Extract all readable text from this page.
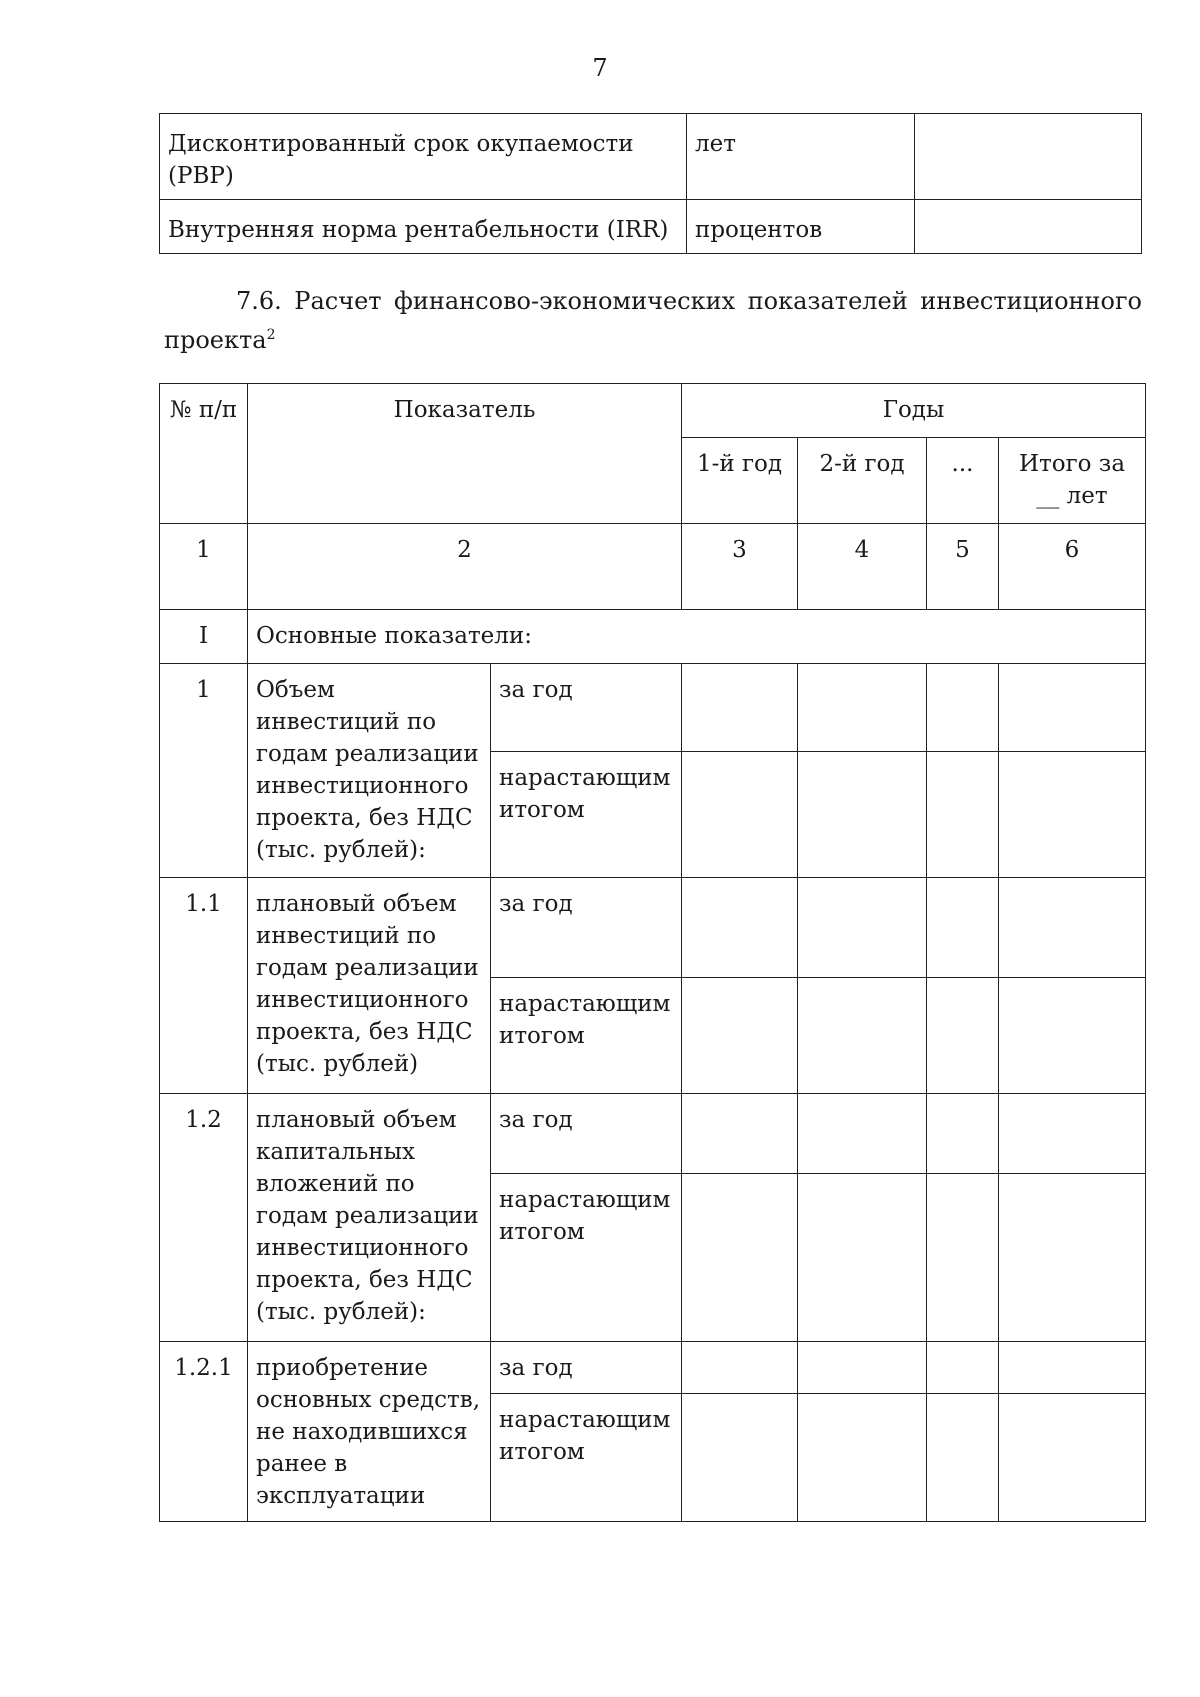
7
Дисконтированный срок окупаемости (PBP)	лет	
Внутренняя норма рентабельности (IRR)	процентов	
7.6. Расчет финансово-экономических показателей инвестиционного
проекта$^2$
№ п/п	Показатель		Годы			
			1-й год	2-й год	...	Итого за __ лет
1	2		3	4	5	6
I	Основные показатели:					
1	Объем инвестиций по годам реализации инвестиционного проекта, без НДС (тыс. рублей):	за год				
		нарастающим итогом				
1.1	плановый объем инвестиций по годам реализации инвестиционного проекта, без НДС (тыс. рублей)	за год				
		нарастающим итогом				
1.2	плановый объем капитальных вложений по годам реализации инвестиционного проекта, без НДС (тыс. рублей):	за год				
		нарастающим итогом				
1.2.1	приобретение основных средств, не находившихся ранее в эксплуатации	за год				
		нарастающим итогом				
